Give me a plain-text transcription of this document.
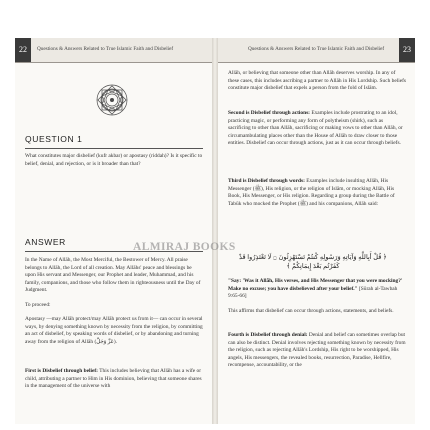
22	Questions & Answers Related to True Islamic Faith and Disbelief
QUESTION 1

What constitutes major disbelief (kufr akbar) or apostasy (riddah)? Is it specific to belief, denial, and rejection, or is it broader than that?

ANSWER

In the Name of Allāh, the Most Merciful, the Bestower of Mercy. All praise belongs to Allāh, the Lord of all creation. May Allāhs' peace and blessings be upon His servant and Messenger, our Prophet and leader, Muhammad, and his family, companions, and those who follow them in righteousness until the Day of Judgment.

To proceed:

Apostasy —may Allāh protect/may Allāh protect us from it— can occur in several ways, by denying something known by necessity from the religion, by committing an act of disbelief, by speaking words of disbelief, or by abandoning and turning away from the religion of Allāh (عَزَّ وَجَلَّ).

First is Disbelief through belief: This includes believing that Allāh has a wife or child, attributing a partner to Him in His dominion, believing that someone shares in the management of the universe with

23
Questions & Answers Related to True Islamic Faith and Disbelief

Allāh, or believing that someone other than Allāh deserves worship. In any of these cases, this includes ascribing a partner to Allāh in His Lordship. Such beliefs constitute major disbelief that expels a person from the fold of Islām.

Second is Disbelief through actions: Examples include prostrating to an idol, practicing magic, or performing any form of polytheism (shirk), such as sacrificing to other than Allāh, sacrificing or making vows to other than Allāh, or circumambulating places other than the House of Allāh to draw closer to those entities. Disbelief can occur through actions, just as it can occur through beliefs.

Third is Disbelief through words: Examples include insulting Allāh, His Messenger (ﷺ), His religion, or the religion of Islām, or mocking Allāh, His Book, His Messenger, or His religion. Regarding a group during the Battle of Tabūk who mocked the Prophet (ﷺ) and his companions, Allāh said:

﴿ قُلْ أَبِاللَّهِ وَآيَاتِهِ وَرَسُولِهِ كُنتُمْ تَسْتَهْزِئُونَ ۝ لَا تَعْتَذِرُوا قَدْ كَفَرْتُم بَعْدَ إِيمَانِكُمْ ﴾

"Say: 'Was it Allāh, His verses, and His Messenger that you were mocking?' Make no excuse; you have disbelieved after your belief." [Sūrah al-Tawbah 9:65-66]

This affirms that disbelief can occur through actions, statements, and beliefs.

Fourth is Disbelief through denial: Denial and belief can sometimes overlap but can also be distinct. Denial involves rejecting something known by necessity from the religion, such as rejecting Allāh's Lordship, His right to be worshipped, His angels, His messengers, the revealed books, resurrection, Paradise, Hellfire, recompense, accountability, or the

ALMIRAJ BOOKS
